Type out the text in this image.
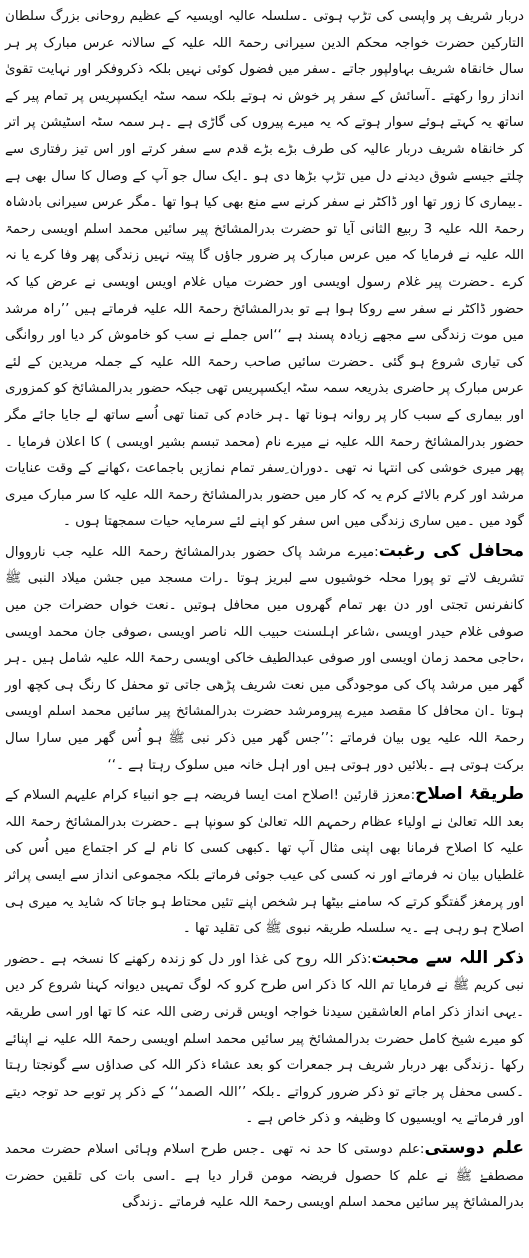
دربار شریف پر واپسی کی تڑپ ہوتی ۔سلسلہ عالیہ اویسیہ کے عظیم روحانی بزرگ سلطان التارکین حضرت خواجہ محکم الدین سیرانی رحمۃ اللہ علیہ کے سالانہ عرس مبارک پر ہر سال خانقاہ شریف بہاولپور جاتے ۔سفر میں فضول کوئی نہیں بلکہ ذکروفکر اور نہایت تقویٰ انداز روا رکھتے ۔آسائش کے سفر پر خوش نہ ہوتے بلکہ سمہ سٹہ ایکسپریس پر تمام پیر کے ساتھ یہ کہتے ہوئے سوار ہوتے کہ یہ میرے پیروں کی گاڑی ہے ۔ہر سمہ سٹہ اسٹیشن پر اتر کر خانقاہ شریف دربار عالیہ کی طرف بڑے بڑے قدم سے سفر کرتے اور اس تیز رفتاری سے چلتے جیسے شوق دیدنے دل میں تڑپ بڑھا دی ہو ۔ایک سال جو آپ کے وصال کا سال بھی ہے ۔بیماری کا زور تھا اور ڈاکٹر نے سفر کرنے سے منع بھی کیا ہوا تھا ۔مگر عرس سیرانی بادشاہ رحمۃ اللہ علیہ 3 ربیع الثانی آیا تو حضرت بدرالمشائخ پیر سائیں محمد اسلم اویسی رحمۃ اللہ علیہ نے فرمایا کہ میں عرس مبارک پر ضرور جاؤں گا پیتہ نہیں زندگی پھر وفا کرے یا نہ کرے ۔حضرت پیر غلام رسول اویسی اور حضرت میاں غلام اویس اویسی نے عرض کیا کہ حضور ڈاکٹر نے سفر سے روکا ہوا ہے تو بدرالمشائخ رحمۃ اللہ علیہ فرماتے ہیں ’’راہ مرشد میں موت زندگی سے مجھے زیادہ پسند ہے ‘‘اس جملے نے سب کو خاموش کر دیا اور روانگی کی تیاری شروع ہو گئی ۔حضرت سائیں صاحب رحمۃ اللہ علیہ کے جملہ مریدین کے لئے عرس مبارک پر حاضری بذریعہ سمہ سٹہ ایکسپریس تھی جبکہ حضور بدرالمشائخ کو کمزوری اور بیماری کے سبب کار پر روانہ ہونا تھا ۔ہر خادم کی تمنا تھی اُسے ساتھ لے جایا جائے مگر حضور بدرالمشائخ رحمۃ اللہ علیہ نے میرے نام (محمد تبسم بشیر اویسی ) کا اعلان فرمایا ۔پھر میری خوشی کی انتہا نہ تھی ۔دوران ِسفر تمام نمازیں باجماعت ،کھانے کے وقت عنایات مرشد اور کرم بالائے کرم یہ کہ کار میں حضور بدرالمشائخ رحمۃ اللہ علیہ کا سر مبارک میری گود میں ۔میں ساری زندگی میں اس سفر کو اپنے لئے سرمایہ حیات سمجھتا ہوں ۔

محافل کی رغبت:میرے مرشد پاک حضور بدرالمشائخ رحمۃ اللہ علیہ جب نارووال تشریف لاتے تو پورا محلہ خوشیوں سے لبریز ہوتا ۔رات مسجد میں جشن میلاد النبی ﷺ کانفرنس تجتی اور دن بھر تمام گھروں میں محافل ہوتیں ۔نعت خواں حضرات جن میں صوفی غلام حیدر اویسی ،شاعر اہلسنت حبیب اللہ ناصر اویسی ،صوفی جان محمد اویسی ،حاجی محمد زمان اویسی اور صوفی عبدالطیف خاکی اویسی رحمۃ اللہ علیہ شامل ہیں ۔ہر گھر میں مرشد پاک کی موجودگی میں نعت شریف پڑھی جاتی تو محفل کا رنگ ہی کچھ اور ہوتا ۔ان محافل کا مقصد میرے پیرومرشد حضرت بدرالمشائخ پیر سائیں محمد اسلم اویسی رحمۃ اللہ علیہ یوں بیان فرماتے :’’جس گھر میں ذکر نبی ﷺ ہو اُس گھر میں سارا سال برکت ہوتی ہے ۔بلائیں دور ہوتی ہیں اور اہل خانہ میں سلوک رہتا ہے ۔‘‘

طریقۂ اصلاح:معزز قارئین !اصلاح امت ایسا فریضہ ہے جو انبیاء کرام علیہم السلام کے بعد اللہ تعالیٰ نے اولیاء عظام رحمہم اللہ تعالیٰ کو سونپا ہے ۔حضرت بدرالمشائخ رحمۃ اللہ علیہ کا اصلاح فرمانا بھی اپنی مثال آپ تھا ۔کبھی کسی کا نام لے کر اجتماع میں اُس کی غلطیاں بیان نہ فرماتے اور نہ کسی کی عیب جوئی فرماتے بلکہ مجموعی انداز سے ایسی پراثر اور پرمغز گفتگو کرتے کہ سامنے بیٹھا ہر شخص اپنے تئیں محتاط ہو جاتا کہ شاید یہ میری ہی اصلاح ہو رہی ہے ۔یہ سلسلہ طریقہ نبوی ﷺ کی تقلید تھا ۔

ذکر اللہ سے محبت:ذکر اللہ روح کی غذا اور دل کو زندہ رکھنے کا نسخہ ہے ۔حضور نبی کریم ﷺ نے فرمایا تم اللہ کا ذکر اس طرح کرو کہ لوگ تمہیں دیوانہ کہنا شروع کر دیں ۔یہی انداز ذکر امام العاشقین سیدنا خواجہ اویس قرنی رضی اللہ عنہ کا تھا اور اسی طریقہ کو میرے شیخ کامل حضرت بدرالمشائخ پیر سائیں محمد اسلم اویسی رحمۃ اللہ علیہ نے اپنائے رکھا ۔زندگی بھر دربار شریف ہر جمعرات کو بعد عشاء ذکر اللہ کی صداؤں سے گونجتا رہتا ۔کسی محفل پر جاتے تو ذکر ضرور کرواتے ۔بلکہ ’’اللہ الصمد‘‘ کے ذکر پر توبے حد توجہ دیتے اور فرماتے یہ اویسیوں کا وظیفہ و ذکر خاص ہے ۔

علم دوستی:علم دوستی کا حد نہ تھی ۔جس طرح اسلام وہائی اسلام حضرت محمد مصطفےٰ ﷺ نے علم کا حصول فریضہ مومن قرار دیا ہے ۔اسی بات کی تلقین حضرت بدرالمشائخ پیر سائیں محمد اسلم اویسی رحمۃ اللہ علیہ فرماتے ۔زندگی
